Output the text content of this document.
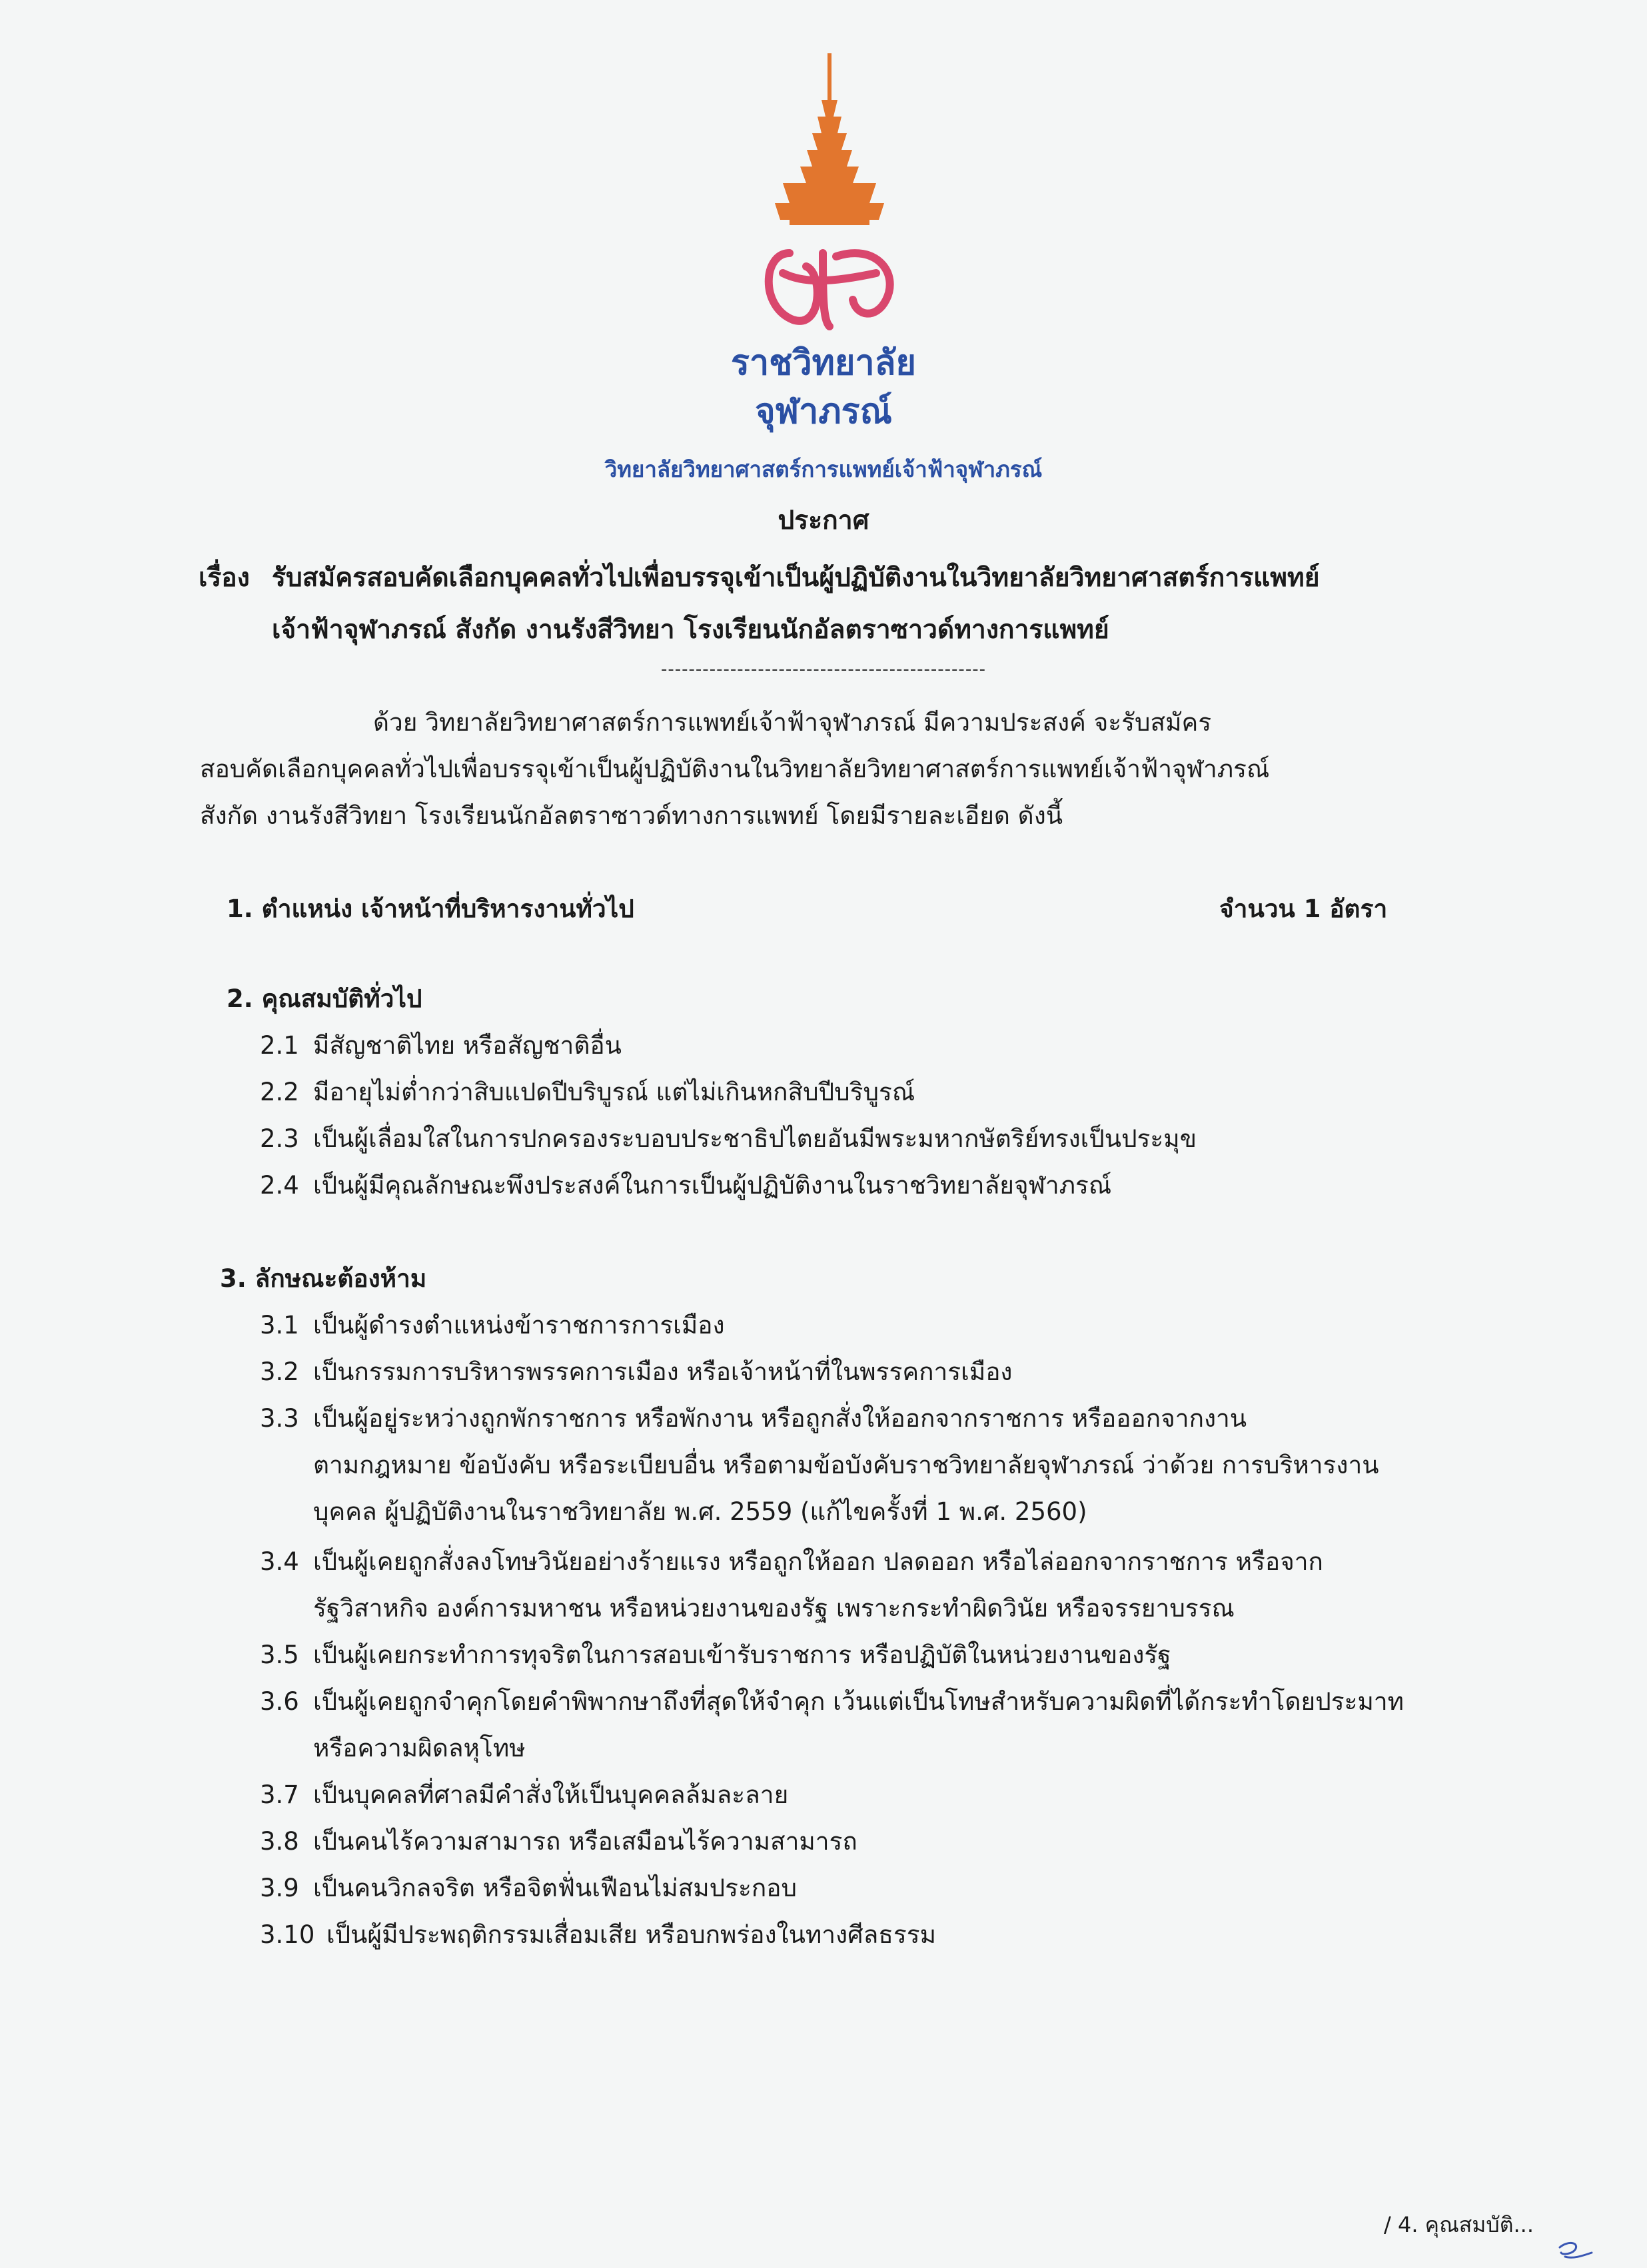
ราชวิทยาลัย
จุฬาภรณ์
วิทยาลัยวิทยาศาสตร์การแพทย์เจ้าฟ้าจุฬาภรณ์
ประกาศ
เรื่อง รับสมัครสอบคัดเลือกบุคคลทั่วไปเพื่อบรรจุเข้าเป็นผู้ปฏิบัติงานในวิทยาลัยวิทยาศาสตร์การแพทย์
เจ้าฟ้าจุฬาภรณ์ สังกัด งานรังสีวิทยา โรงเรียนนักอัลตราซาวด์ทางการแพทย์
-----------------------------------------------
ด้วย วิทยาลัยวิทยาศาสตร์การแพทย์เจ้าฟ้าจุฬาภรณ์ มีความประสงค์ จะรับสมัคร
สอบคัดเลือกบุคคลทั่วไปเพื่อบรรจุเข้าเป็นผู้ปฏิบัติงานในวิทยาลัยวิทยาศาสตร์การแพทย์เจ้าฟ้าจุฬาภรณ์
สังกัด งานรังสีวิทยา โรงเรียนนักอัลตราซาวด์ทางการแพทย์ โดยมีรายละเอียด ดังนี้
1. ตำแหน่ง เจ้าหน้าที่บริหารงานทั่วไป	จำนวน 1 อัตรา
2. คุณสมบัติทั่วไป
2.1 มีสัญชาติไทย หรือสัญชาติอื่น
2.2 มีอายุไม่ต่ำกว่าสิบแปดปีบริบูรณ์ แต่ไม่เกินหกสิบปีบริบูรณ์
2.3 เป็นผู้เลื่อมใสในการปกครองระบอบประชาธิปไตยอันมีพระมหากษัตริย์ทรงเป็นประมุข
2.4 เป็นผู้มีคุณลักษณะพึงประสงค์ในการเป็นผู้ปฏิบัติงานในราชวิทยาลัยจุฬาภรณ์
3. ลักษณะต้องห้าม
3.1 เป็นผู้ดำรงตำแหน่งข้าราชการการเมือง
3.2 เป็นกรรมการบริหารพรรคการเมือง หรือเจ้าหน้าที่ในพรรคการเมือง
3.3 เป็นผู้อยู่ระหว่างถูกพักราชการ หรือพักงาน หรือถูกสั่งให้ออกจากราชการ หรือออกจากงาน
ตามกฎหมาย ข้อบังคับ หรือระเบียบอื่น หรือตามข้อบังคับราชวิทยาลัยจุฬาภรณ์ ว่าด้วย การบริหารงาน
บุคคล ผู้ปฏิบัติงานในราชวิทยาลัย พ.ศ. 2559 (แก้ไขครั้งที่ 1 พ.ศ. 2560)
3.4 เป็นผู้เคยถูกสั่งลงโทษวินัยอย่างร้ายแรง หรือถูกให้ออก ปลดออก หรือไล่ออกจากราชการ หรือจาก
รัฐวิสาหกิจ องค์การมหาชน หรือหน่วยงานของรัฐ เพราะกระทำผิดวินัย หรือจรรยาบรรณ
3.5 เป็นผู้เคยกระทำการทุจริตในการสอบเข้ารับราชการ หรือปฏิบัติในหน่วยงานของรัฐ
3.6 เป็นผู้เคยถูกจำคุกโดยคำพิพากษาถึงที่สุดให้จำคุก เว้นแต่เป็นโทษสำหรับความผิดที่ได้กระทำโดยประมาท
หรือความผิดลหุโทษ
3.7 เป็นบุคคลที่ศาลมีคำสั่งให้เป็นบุคคลล้มละลาย
3.8 เป็นคนไร้ความสามารถ หรือเสมือนไร้ความสามารถ
3.9 เป็นคนวิกลจริต หรือจิตฟั่นเฟือนไม่สมประกอบ
3.10 เป็นผู้มีประพฤติกรรมเสื่อมเสีย หรือบกพร่องในทางศีลธรรม
/ 4. คุณสมบัติ...
